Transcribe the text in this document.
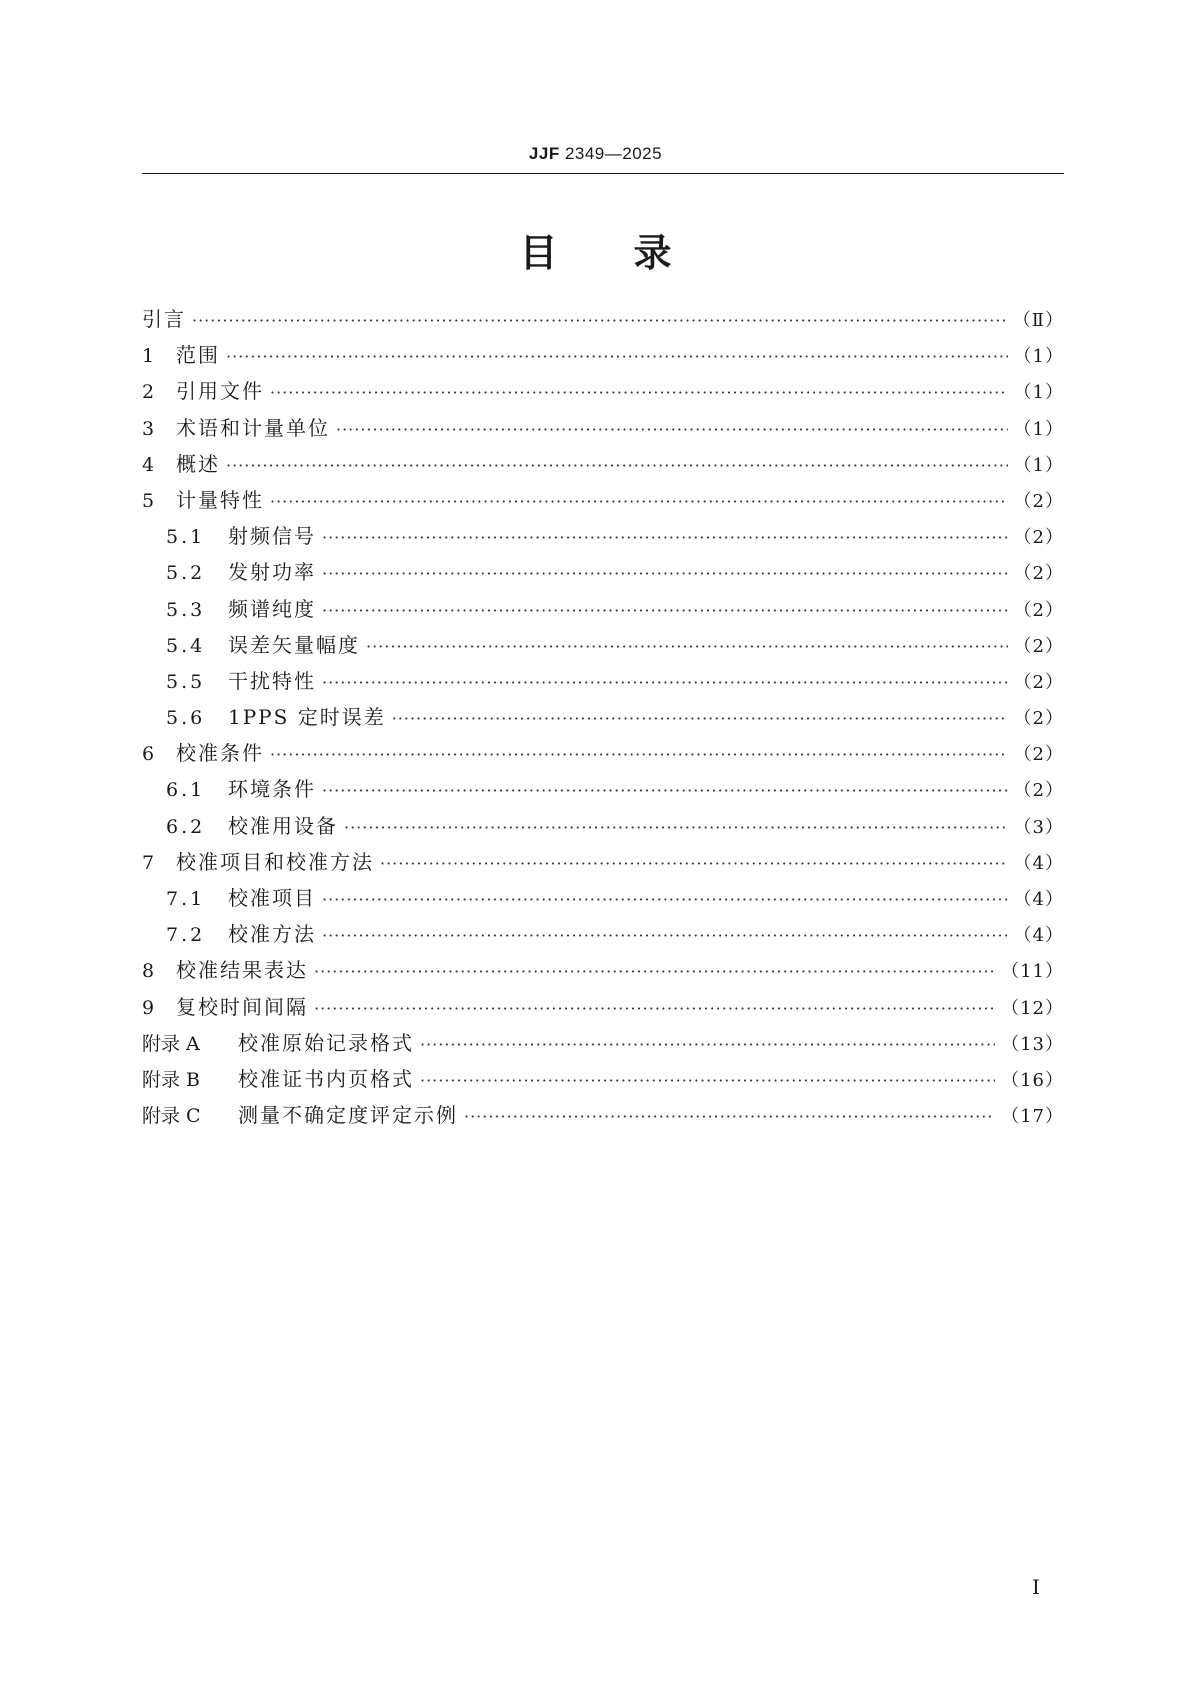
JJF 2349—2025
目录
引言 ·····	（Ⅱ）
1	范围 ·····	（1）
2	引用文件 ·····	（1）
3	术语和计量单位 ·····	（1）
4	概述 ·····	（1）
5	计量特性 ·····	（2）
5.1	射频信号 ·····	（2）
5.2	发射功率 ·····	（2）
5.3	频谱纯度 ·····	（2）
5.4	误差矢量幅度 ·····	（2）
5.5	干扰特性 ·····	（2）
5.6	1PPS 定时误差 ·····	（2）
6	校准条件 ·····	（2）
6.1	环境条件 ·····	（2）
6.2	校准用设备 ·····	（3）
7	校准项目和校准方法 ·····	（4）
7.1	校准项目 ·····	（4）
7.2	校准方法 ·····	（4）
8	校准结果表达 ·····	（11）
9	复校时间间隔 ·····	（12）
附录 A	校准原始记录格式 ·····	（13）
附录 B	校准证书内页格式 ·····	（16）
附录 C	测量不确定度评定示例 ·····	（17）
Ⅰ
